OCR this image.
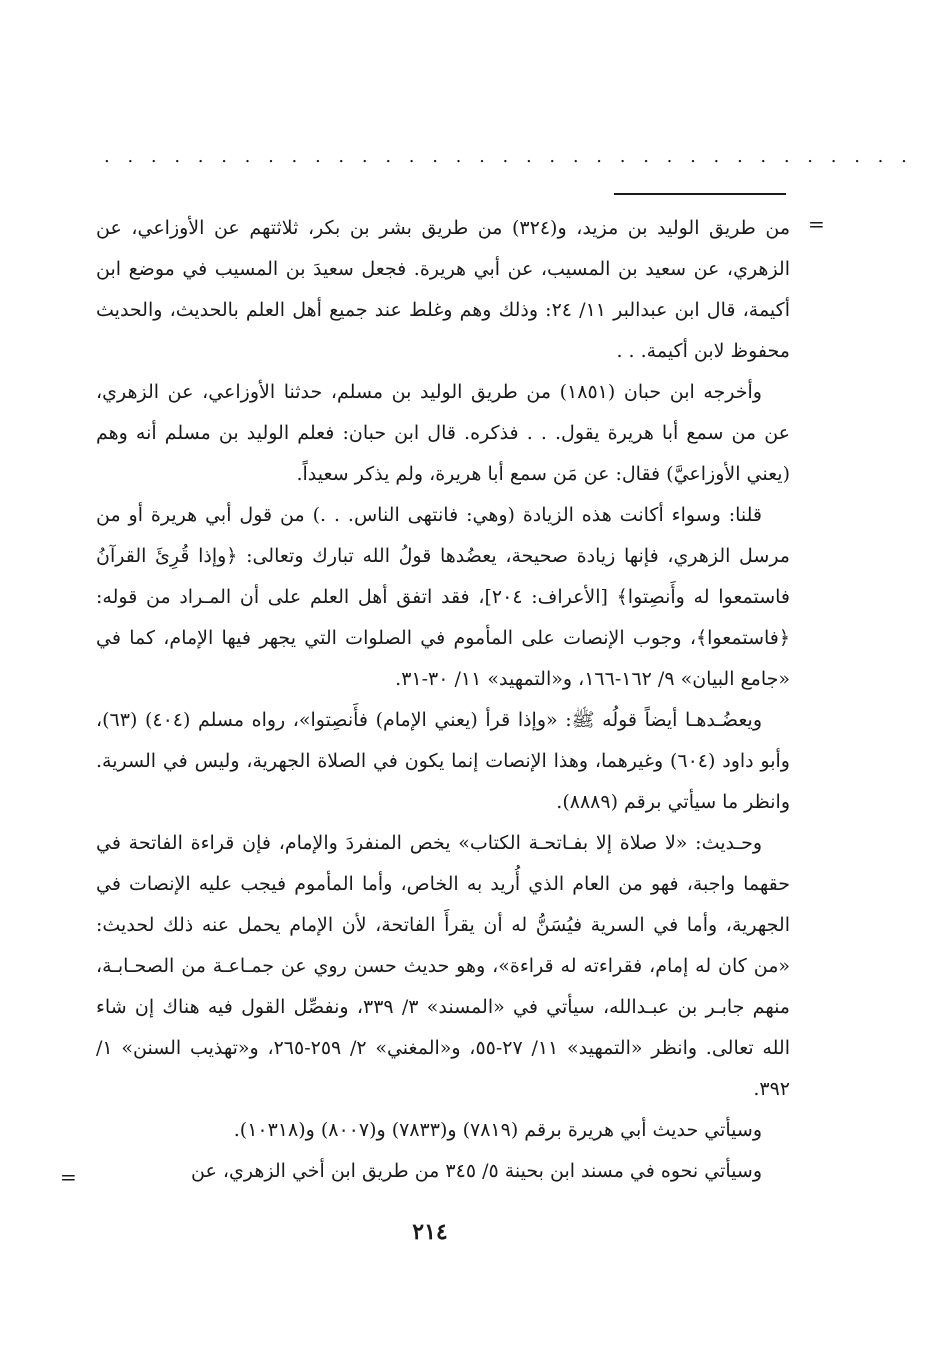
. . . . . . . . . . . . . . . . . . . . . . . . . . . . . . . . . . .
=

من طريق الوليد بن مزيد، و(٣٢٤) من طريق بشر بن بكر، ثلاثتهم عن الأوزاعي، عن الزهري، عن سعيد بن المسيب، عن أبي هريرة. فجعل سعيدَ بن المسيب في موضع ابن أكيمة، قال ابن عبدالبر ١١/ ٢٤: وذلك وهم وغلط عند جميع أهل العلم بالحديث، والحديث محفوظ لابن أكيمة. . .

وأخرجه ابن حبان (١٨٥١) من طريق الوليد بن مسلم، حدثنا الأوزاعي، عن الزهري، عن من سمع أبا هريرة يقول. . . فذكره. قال ابن حبان: فعلم الوليد بن مسلم أنه وهم (يعني الأوزاعيَّ) فقال: عن مَن سمع أبا هريرة، ولم يذكر سعيداً.

قلنا: وسواء أكانت هذه الزيادة (وهي: فانتهى الناس. . .) من قول أبي هريرة أو من مرسل الزهري، فإنها زيادة صحيحة، يعضُدها قولُ الله تبارك وتعالى: ﴿وإذا قُرِئَ القرآنُ فاستمعوا له وأَنصِتوا﴾ [الأعراف: ٢٠٤]، فقد اتفق أهل العلم على أن المـراد من قوله: ﴿فاستمعوا﴾، وجوب الإنصات على المأموم في الصلوات التي يجهر فيها الإمام، كما في «جامع البيان» ٩/ ١٦٢-١٦٦، و«التمهيد» ١١/ ٣٠-٣١.

ويعضُـدهـا أيضاً قولُه ﷺ: «وإذا قرأ (يعني الإمام) فأَنصِتوا»، رواه مسلم (٤٠٤) (٦٣)، وأبو داود (٦٠٤) وغيرهما، وهذا الإنصات إنما يكون في الصلاة الجهرية، وليس في السرية. وانظر ما سيأتي برقم (٨٨٨٩).

وحـديث: «لا صلاة إلا بفـاتحـة الكتاب» يخص المنفردَ والإمام، فإن قراءة الفاتحة في حقهما واجبة، فهو من العام الذي أُريد به الخاص، وأما المأموم فيجب عليه الإنصات في الجهرية، وأما في السرية فيُسَنُّ له أن يقرأَ الفاتحة، لأن الإمام يحمل عنه ذلك لحديث: «من كان له إمام، فقراءته له قراءة»، وهو حديث حسن روي عن جمـاعـة من الصحـابـة، منهم جابـر بن عبـدالله، سيأتي في «المسند» ٣/ ٣٣٩، ونفصِّل القول فيه هناك إن شاء الله تعالى. وانظر «التمهيد» ١١/ ٢٧-٥٥، و«المغني» ٢/ ٢٥٩-٢٦٥، و«تهذيب السنن» ١/ ٣٩٢.

وسيأتي حديث أبي هريرة برقم (٧٨١٩) و(٧٨٣٣) و(٨٠٠٧) و(١٠٣١٨).

وسيأتي نحوه في مسند ابن بحينة ٥/ ٣٤٥ من طريق ابن أخي الزهري، عن

=
٢١٤
